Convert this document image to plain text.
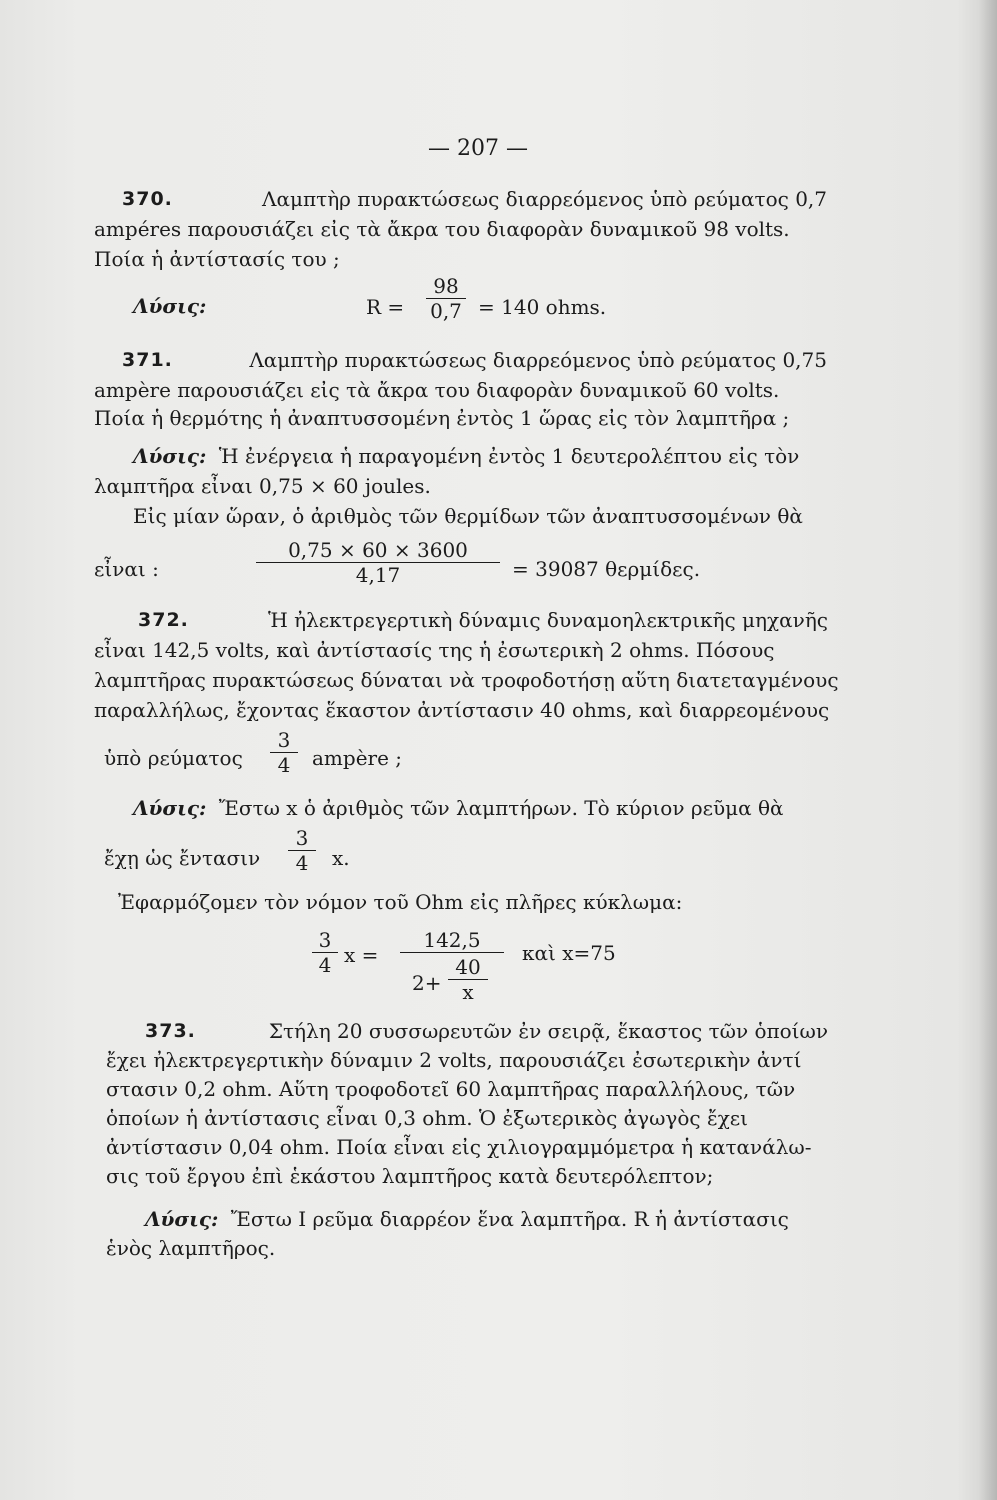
— 207 —
370.	Λαμπτὴρ πυρακτώσεως διαρρεόμενος ὑπὸ ρεύματος 0,7
ampéres παρουσιάζει εἰς τὰ ἄκρα του διαφορὰν δυναμικοῦ 98 volts.
Ποία ἡ ἀντίστασίς του ;
Λύσις:	R =
98
0,7 = 140 ohms.
371.	Λαμπτὴρ πυρακτώσεως διαρρεόμενος ὑπὸ ρεύματος 0,75
ampère παρουσιάζει εἰς τὰ ἄκρα του διαφορὰν δυναμικοῦ 60 volts.
Ποία ἡ θερμότης ἡ ἀναπτυσσομένη ἐντὸς 1 ὥρας εἰς τὸν λαμπτῆρα ;
Λύσις: Ἡ ἐνέργεια ἡ παραγομένη ἐντὸς 1 δευτερολέπτου εἰς τὸν
λαμπτῆρα εἶναι 0,75 × 60 joules.
Εἰς μίαν ὥραν, ὁ ἀριθμὸς τῶν θερμίδων τῶν ἀναπτυσσομένων θὰ
εἶναι :
0,75 × 60 × 3600
4,17	= 39087 θερμίδες.
372.	Ἡ ἠλεκτρεγερτικὴ δύναμις δυναμοηλεκτρικῆς μηχανῆς
εἶναι 142,5 volts, καὶ ἀντίστασίς της ἡ ἐσωτερικὴ 2 ohms. Πόσους
λαμπτῆρας πυρακτώσεως δύναται νὰ τροφοδοτήσῃ αὕτη διατεταγμένους
παραλλήλως, ἔχοντας ἕκαστον ἀντίστασιν 40 ohms, καὶ διαρρεομένους
ὑπὸ ρεύματος
3
4	ampère ;
Λύσις: Ἔστω x ὁ ἀριθμὸς τῶν λαμπτήρων. Τὸ κύριον ρεῦμα θὰ
ἔχῃ ὡς ἔντασιν
3
4	x.
Ἐφαρμόζομεν τὸν νόμον τοῦ Ohm εἰς πλῆρες κύκλωμα:
3
4 x =
142,5
2+
40
x
καὶ x=75
373.	Στήλη 20 συσσωρευτῶν ἐν σειρᾷ, ἕκαστος τῶν ὁποίων
ἔχει ἠλεκτρεγερτικὴν δύναμιν 2 volts, παρουσιάζει ἐσωτερικὴν ἀντί
στασιν 0,2 ohm. Αὕτη τροφοδοτεῖ 60 λαμπτῆρας παραλλήλους, τῶν
ὁποίων ἡ ἀντίστασις εἶναι 0,3 ohm. Ὁ ἐξωτερικὸς ἀγωγὸς ἔχει
ἀντίστασιν 0,04 ohm. Ποία εἶναι εἰς χιλιογραμμόμετρα ἡ κατανάλω-
σις τοῦ ἔργου ἐπὶ ἑκάστου λαμπτῆρος κατὰ δευτερόλεπτον;
Λύσις: Ἔστω I ρεῦμα διαρρέον ἕνα λαμπτῆρα. R ἡ ἀντίστασις
ἑνὸς λαμπτῆρος.
